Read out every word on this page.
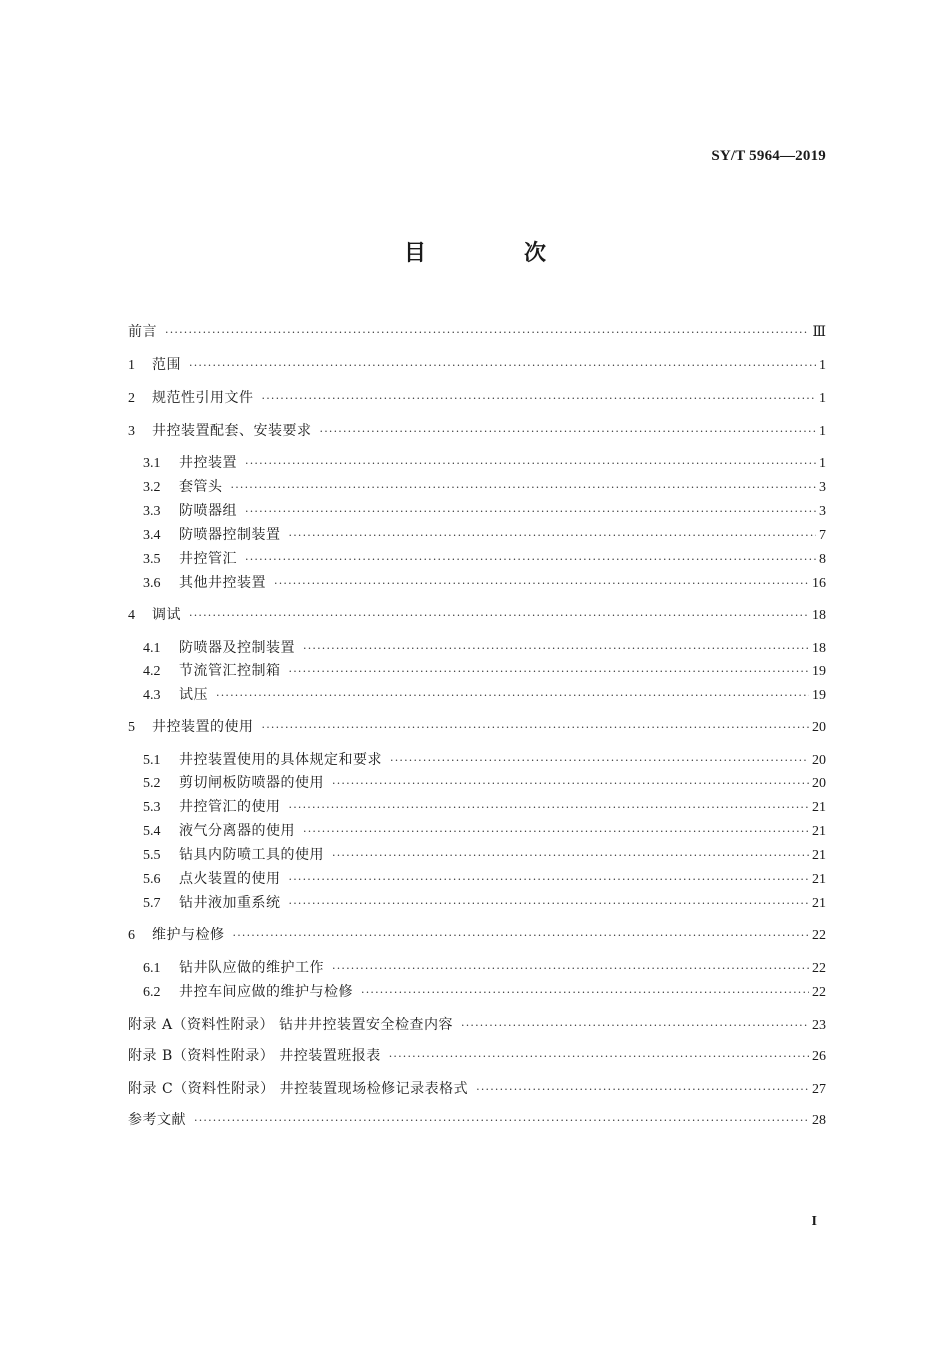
SY/T 5964—2019
目　次
前言 ·····	Ⅲ
1	范围 ·····	1
2	规范性引用文件 ·····	1
3	井控装置配套、安装要求 ·····	1
3.1	井控装置 ·····	1
3.2	套管头 ·····	3
3.3	防喷器组 ·····	3
3.4	防喷器控制装置 ·····	7
3.5	井控管汇 ·····	8
3.6	其他井控装置 ·····	16
4	调试 ·····	18
4.1	防喷器及控制装置 ·····	18
4.2	节流管汇控制箱 ·····	19
4.3	试压 ·····	19
5	井控装置的使用 ·····	20
5.1	井控装置使用的具体规定和要求 ·····	20
5.2	剪切闸板防喷器的使用 ·····	20
5.3	井控管汇的使用 ·····	21
5.4	液气分离器的使用 ·····	21
5.5	钻具内防喷工具的使用 ·····	21
5.6	点火装置的使用 ·····	21
5.7	钻井液加重系统 ·····	21
6	维护与检修 ·····	22
6.1	钻井队应做的维护工作 ·····	22
6.2	井控车间应做的维护与检修 ·····	22
附录 A（资料性附录） 钻井井控装置安全检查内容 ·····	23
附录 B（资料性附录） 井控装置班报表 ·····	26
附录 C（资料性附录） 井控装置现场检修记录表格式 ·····	27
参考文献 ·····	28
I
